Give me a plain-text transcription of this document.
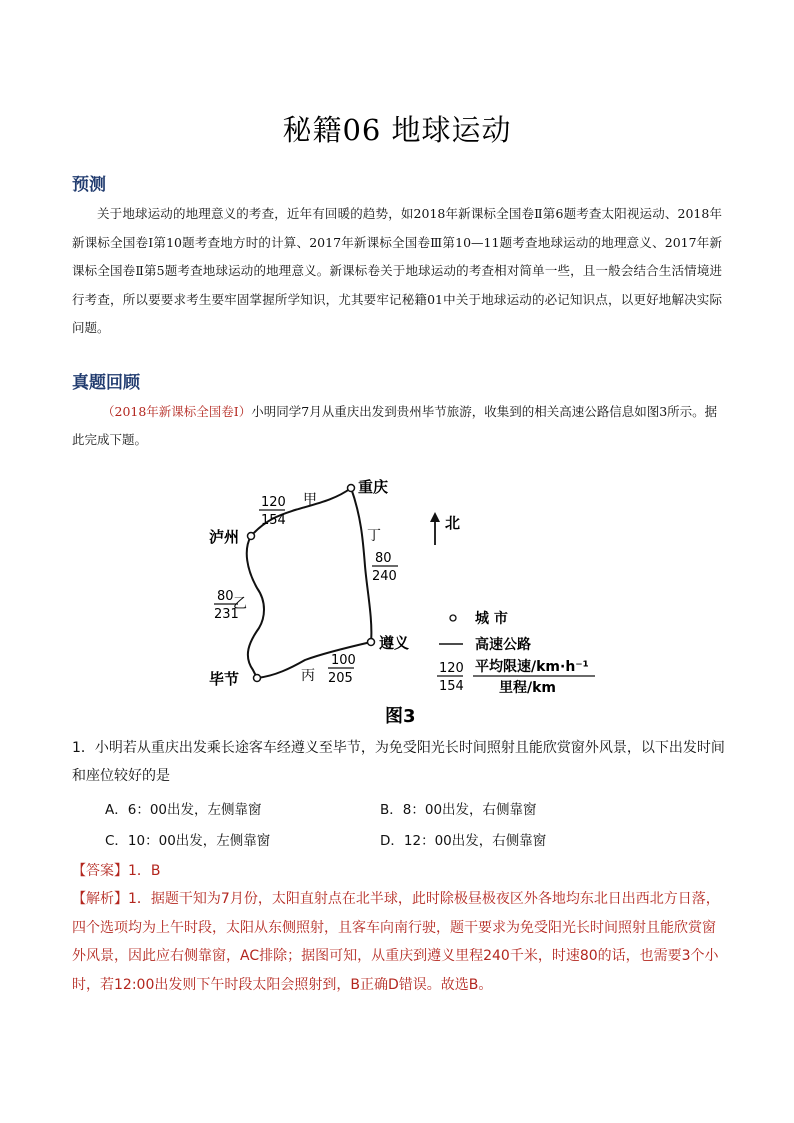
秘籍06 地球运动
预测
关于地球运动的地理意义的考查，近年有回暖的趋势，如2018年新课标全国卷Ⅱ第6题考查太阳视运动、2018年新课标全国卷Ⅰ第10题考查地方时的计算、2017年新课标全国卷Ⅲ第10—11题考查地球运动的地理意义、2017年新课标全国卷Ⅱ第5题考查地球运动的地理意义。新课标卷关于地球运动的考查相对简单一些，且一般会结合生活情境进行考查，所以要要求考生要牢固掌握所学知识，尤其要牢记秘籍01中关于地球运动的必记知识点，以更好地解决实际问题。
真题回顾
（2018年新课标全国卷Ⅰ）小明同学7月从重庆出发到贵州毕节旅游，收集到的相关高速公路信息如图3所示。据此完成下题。
重庆
泸州
遵义
毕节
甲
丁
乙
丙
120
154
80
240
80
231
100
205
北
城 市
高速公路
120
154
平均限速/km·h⁻¹
里程/km
图3
1．小明若从重庆出发乘长途客车经遵义至毕节，为免受阳光长时间照射且能欣赏窗外风景，以下出发时间和座位较好的是
A．6：00出发，左侧靠窗	B．8：00出发，右侧靠窗
C．10：00出发，左侧靠窗	D．12：00出发，右侧靠窗
【答案】1．B
【解析】1．据题干知为7月份，太阳直射点在北半球，此时除极昼极夜区外各地均东北日出西北方日落，四个选项均为上午时段，太阳从东侧照射，且客车向南行驶，题干要求为免受阳光长时间照射且能欣赏窗外风景，因此应右侧靠窗，AC排除；据图可知，从重庆到遵义里程240千米，时速80的话，也需要3个小时，若12:00出发则下午时段太阳会照射到，B正确D错误。故选B。
